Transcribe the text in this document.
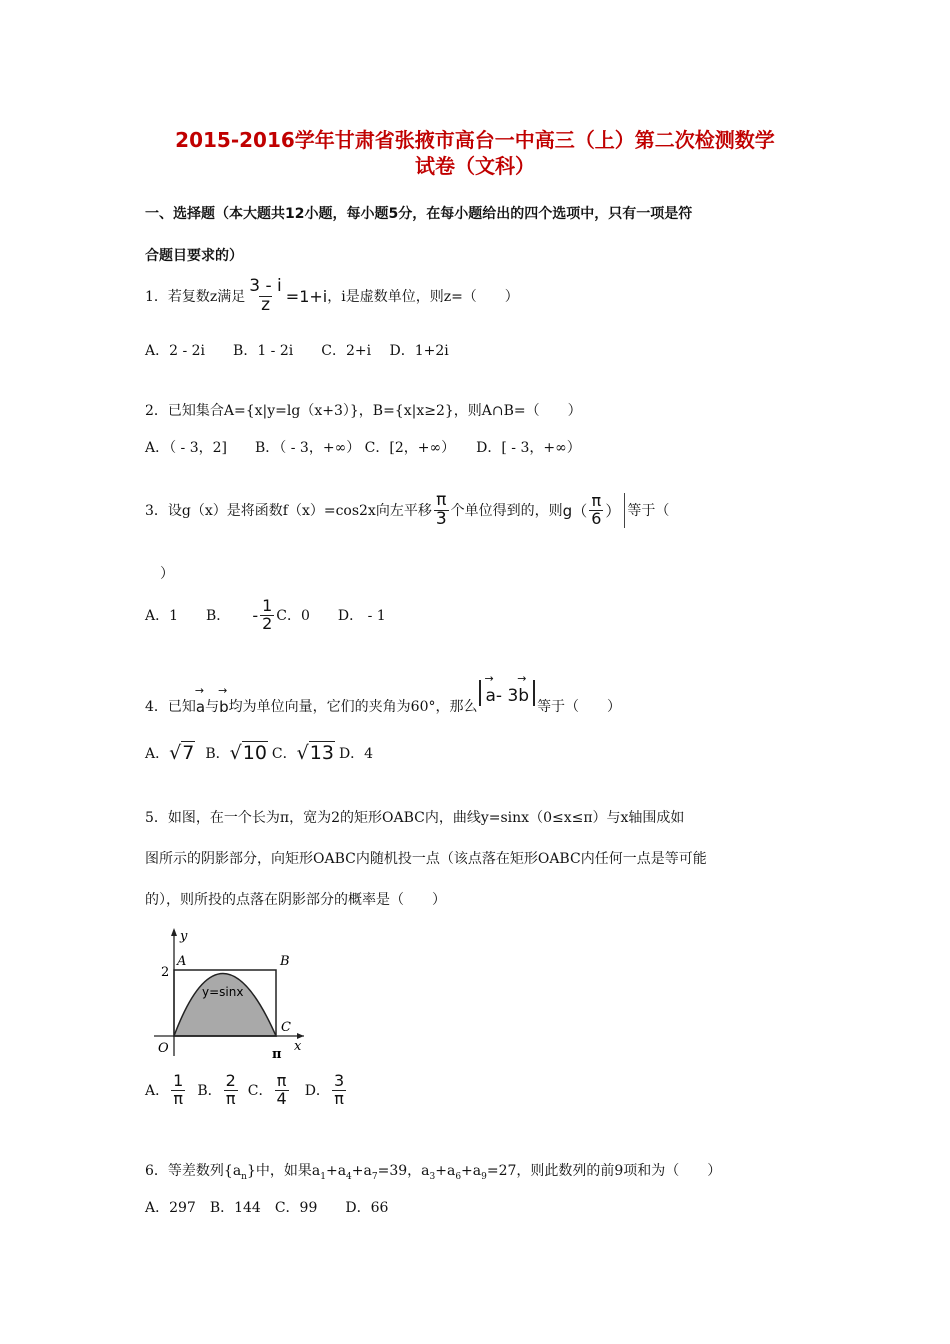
2015-2016学年甘肃省张掖市高台一中高三（上）第二次检测数学
试卷（文科）
一、选择题（本大题共12小题，每小题5分，在每小题给出的四个选项中，只有一项是符
合题目要求的）
1．若复数z满足 $\frac{3 - i}{z} =1+i$ ，i是虚数单位，则z=（　　）
A．2 - 2i　　B．1 - 2i　　C．2+i　 D．1+2i
2．已知集合A={x|y=lg（x+3）}，B={x|x≥2}，则A∩B=（　　）
A．（ - 3，2]　　B．（ - 3，+∞） C．[2，+∞）　　D．[ - 3，+∞）
3．设g（x）是将函数f（x）=cos2x向左平移 $\frac{\pi}{3}$ 个单位得到的，则 $g( \frac{\pi}{6}$ ） 等于（
）
A．1　　B． - $\frac{1}{2}$ C．0　　D． - 1
4．已知 → a 与 → b 均为单位向量，它们的夹角为60°，那么
→ a - 3 → b
等于（　　）
A． √7 B． √10 C． √13 D．4
5．如图，在一个长为π，宽为2的矩形OABC内，曲线y=sinx（0≤x≤π）与x轴围成如
图所示的阴影部分，向矩形OABC内随机投一点（该点落在矩形OABC内任何一点是等可能
的），则所投的点落在阴影部分的概率是（　　）
y
x
A	B
C
O
2
π
y=sinx
A． $\frac{1}{\pi}$ B． $\frac{2}{\pi}$ C． $\frac{\pi}{4}$ D． $\frac{3}{\pi}$
6．等差数列$\{a_n\}$中，如果$a_1+a_4+a_7=39$，$a_3+a_6+a_9=27$，则此数列的前9项和为（　　）
A．297　B．144　C．99　　D．66
